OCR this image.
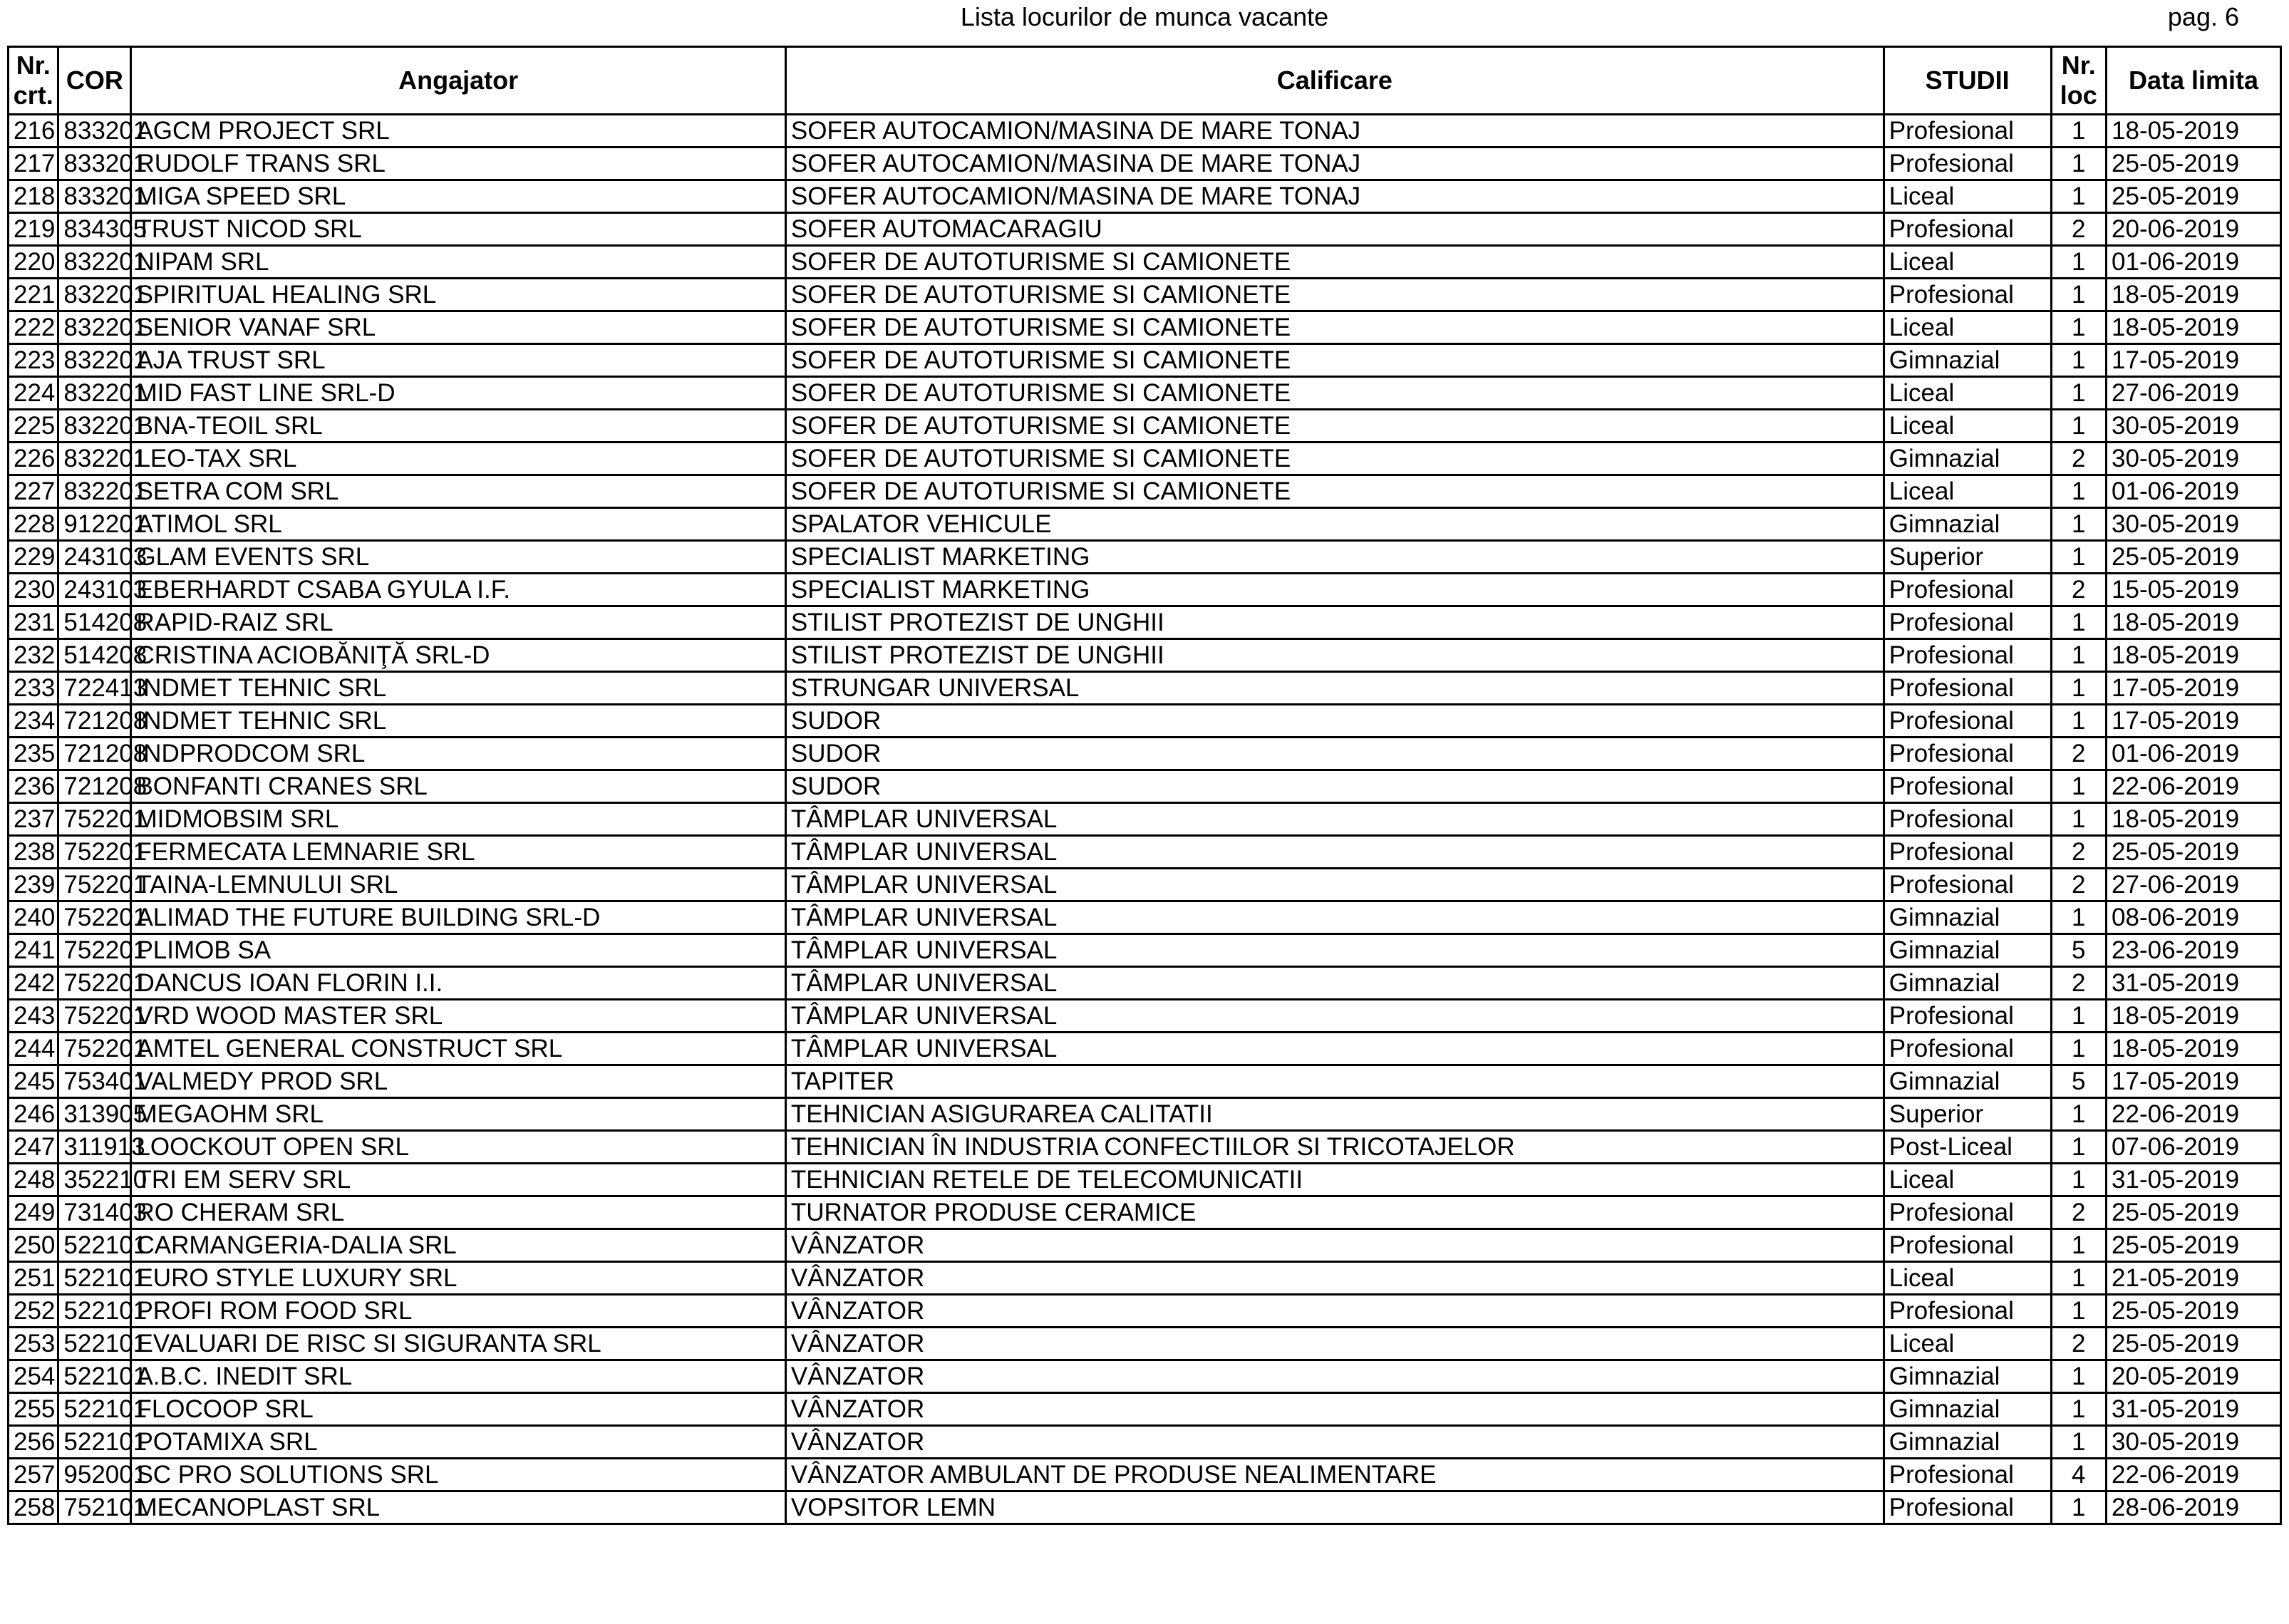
Lista locurilor de munca vacante	pag. 6
Nr. crt.	COR	Angajator	Calificare	STUDII	Nr. loc	Data limita
216	833201	AGCM PROJECT SRL	SOFER AUTOCAMION/MASINA DE MARE TONAJ	Profesional	1	18-05-2019
217	833201	RUDOLF TRANS SRL	SOFER AUTOCAMION/MASINA DE MARE TONAJ	Profesional	1	25-05-2019
218	833201	MIGA SPEED SRL	SOFER AUTOCAMION/MASINA DE MARE TONAJ	Liceal	1	25-05-2019
219	834305	TRUST NICOD SRL	SOFER AUTOMACARAGIU	Profesional	2	20-06-2019
220	832201	NIPAM SRL	SOFER DE AUTOTURISME SI CAMIONETE	Liceal	1	01-06-2019
221	832201	SPIRITUAL HEALING SRL	SOFER DE AUTOTURISME SI CAMIONETE	Profesional	1	18-05-2019
222	832201	SENIOR VANAF SRL	SOFER DE AUTOTURISME SI CAMIONETE	Liceal	1	18-05-2019
223	832201	AJA TRUST SRL	SOFER DE AUTOTURISME SI CAMIONETE	Gimnazial	1	17-05-2019
224	832201	MID FAST LINE SRL-D	SOFER DE AUTOTURISME SI CAMIONETE	Liceal	1	27-06-2019
225	832201	BNA-TEOIL SRL	SOFER DE AUTOTURISME SI CAMIONETE	Liceal	1	30-05-2019
226	832201	LEO-TAX SRL	SOFER DE AUTOTURISME SI CAMIONETE	Gimnazial	2	30-05-2019
227	832201	SETRA COM SRL	SOFER DE AUTOTURISME SI CAMIONETE	Liceal	1	01-06-2019
228	912201	ATIMOL SRL	SPALATOR VEHICULE	Gimnazial	1	30-05-2019
229	243103	GLAM EVENTS SRL	SPECIALIST MARKETING	Superior	1	25-05-2019
230	243103	EBERHARDT CSABA GYULA I.F.	SPECIALIST MARKETING	Profesional	2	15-05-2019
231	514208	RAPID-RAIZ SRL	STILIST PROTEZIST DE UNGHII	Profesional	1	18-05-2019
232	514208	CRISTINA ACIOBĂNIŢĂ SRL-D	STILIST PROTEZIST DE UNGHII	Profesional	1	18-05-2019
233	722413	INDMET TEHNIC SRL	STRUNGAR UNIVERSAL	Profesional	1	17-05-2019
234	721208	INDMET TEHNIC SRL	SUDOR	Profesional	1	17-05-2019
235	721208	INDPRODCOM SRL	SUDOR	Profesional	2	01-06-2019
236	721208	BONFANTI CRANES SRL	SUDOR	Profesional	1	22-06-2019
237	752201	MIDMOBSIM SRL	TÂMPLAR UNIVERSAL	Profesional	1	18-05-2019
238	752201	FERMECATA LEMNARIE SRL	TÂMPLAR UNIVERSAL	Profesional	2	25-05-2019
239	752201	TAINA-LEMNULUI SRL	TÂMPLAR UNIVERSAL	Profesional	2	27-06-2019
240	752201	ALIMAD THE FUTURE BUILDING SRL-D	TÂMPLAR UNIVERSAL	Gimnazial	1	08-06-2019
241	752201	PLIMOB SA	TÂMPLAR UNIVERSAL	Gimnazial	5	23-06-2019
242	752201	DANCUS IOAN FLORIN I.I.	TÂMPLAR UNIVERSAL	Gimnazial	2	31-05-2019
243	752201	VRD WOOD MASTER SRL	TÂMPLAR UNIVERSAL	Profesional	1	18-05-2019
244	752201	AMTEL GENERAL CONSTRUCT SRL	TÂMPLAR UNIVERSAL	Profesional	1	18-05-2019
245	753401	VALMEDY PROD SRL	TAPITER	Gimnazial	5	17-05-2019
246	313905	MEGAOHM SRL	TEHNICIAN ASIGURAREA CALITATII	Superior	1	22-06-2019
247	311913	LOOCKOUT OPEN SRL	TEHNICIAN ÎN INDUSTRIA CONFECTIILOR SI TRICOTAJELOR	Post-Liceal	1	07-06-2019
248	352210	TRI EM SERV SRL	TEHNICIAN RETELE DE TELECOMUNICATII	Liceal	1	31-05-2019
249	731403	RO CHERAM SRL	TURNATOR PRODUSE CERAMICE	Profesional	2	25-05-2019
250	522101	CARMANGERIA-DALIA SRL	VÂNZATOR	Profesional	1	25-05-2019
251	522101	EURO STYLE LUXURY SRL	VÂNZATOR	Liceal	1	21-05-2019
252	522101	PROFI ROM FOOD SRL	VÂNZATOR	Profesional	1	25-05-2019
253	522101	EVALUARI DE RISC SI SIGURANTA SRL	VÂNZATOR	Liceal	2	25-05-2019
254	522101	A.B.C. INEDIT SRL	VÂNZATOR	Gimnazial	1	20-05-2019
255	522101	FLOCOOP SRL	VÂNZATOR	Gimnazial	1	31-05-2019
256	522101	POTAMIXA SRL	VÂNZATOR	Gimnazial	1	30-05-2019
257	952001	SC PRO SOLUTIONS SRL	VÂNZATOR AMBULANT DE PRODUSE NEALIMENTARE	Profesional	4	22-06-2019
258	752101	MECANOPLAST SRL	VOPSITOR LEMN	Profesional	1	28-06-2019
